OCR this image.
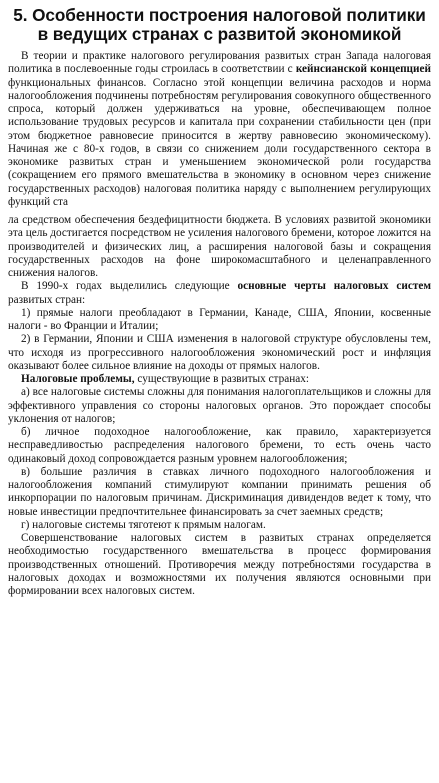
5. Особенности построения налоговой политики
в ведущих странах с развитой экономикой

В теории и практике налогового регулирования развитых стран Запада налоговая политика в послевоенные годы строилась в соответствии с кейнсианской концепцией функциональных финансов. Согласно этой концепции величина расходов и норма налогообложения подчинены потребностям регулирования совокупного общественного спроса, который должен удерживаться на уровне, обеспечивающем полное использование трудовых ресурсов и капитала при сохранении стабильности цен (при этом бюджетное равновесие приносится в жертву равновесию экономическому). Начиная же с 80-х годов, в связи со снижением доли государственного сектора в экономике развитых стран и уменьшением экономической роли государства (сокращением его прямого вмешательства в экономику в основном через снижение государственных расходов) налоговая политика наряду с выполнением регулирующих функций ста

ла средством обеспечения бездефицитности бюджета. В условиях развитой экономики эта цель достигается посредством не усиления налогового бремени, которое ложится на производителей и физических лиц, а расширения налоговой базы и сокращения государственных расходов на фоне широкомасштабного и целенаправленного снижения налогов.

В 1990-х годах выделились следующие основные черты налоговых систем развитых стран:

1) прямые налоги преобладают в Германии, Канаде, США, Японии, косвенные налоги - во Франции и Италии;

2) в Германии, Японии и США изменения в налоговой структуре обусловлены тем, что исходя из прогрессивного налогообложения экономический рост и инфляция оказывают более сильное влияние на доходы от прямых налогов.

Налоговые проблемы, существующие в развитых странах:

а) все налоговые системы сложны для понимания налогоплательщиков и сложны для эффективного управления со стороны налоговых органов. Это порождает способы уклонения от налогов;

б) личное подоходное налогообложение, как правило, характеризуется несправедливостью распределения налогового бремени, то есть очень часто одинаковый доход сопровождается разным уровнем налогообложения;

в) большие различия в ставках личного подоходного налогообложения и налогообложения компаний стимулируют компании принимать решения об инкорпорации по налоговым причинам. Дискриминация дивидендов ведет к тому, что новые инвестиции предпочтительнее финансировать за счет заемных средств;

г) налоговые системы тяготеют к прямым налогам.

Совершенствование налоговых систем в развитых странах определяется необходимостью государственного вмешательства в процесс формирования производственных отношений. Противоречия между потребностями государства в налоговых доходах и возможностями их получения являются основными при формировании всех налоговых систем.
